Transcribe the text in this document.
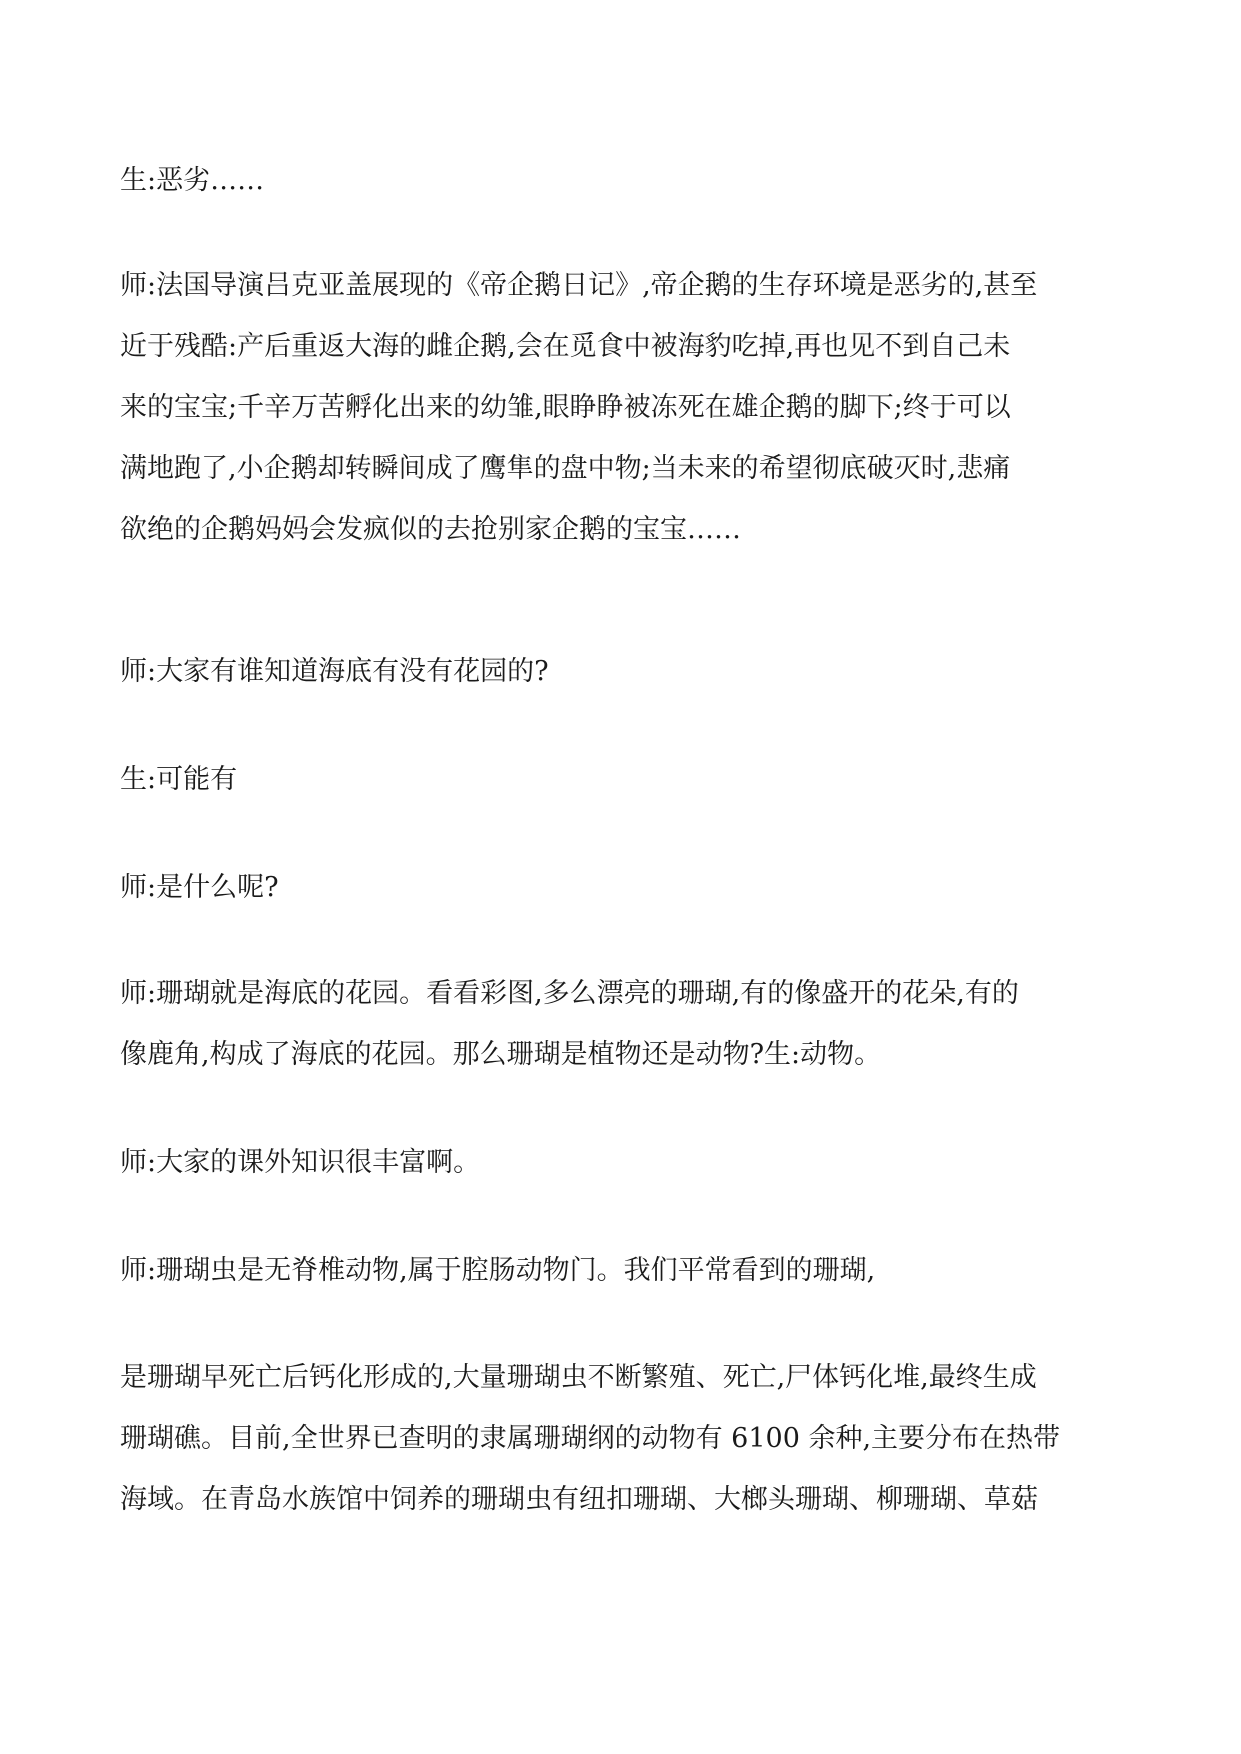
生:恶劣……
师:法国导演吕克亚盖展现的《帝企鹅日记》,帝企鹅的生存环境是恶劣的,甚至
近于残酷:产后重返大海的雌企鹅,会在觅食中被海豹吃掉,再也见不到自己未
来的宝宝;千辛万苦孵化出来的幼雏,眼睁睁被冻死在雄企鹅的脚下;终于可以
满地跑了,小企鹅却转瞬间成了鹰隼的盘中物;当未来的希望彻底破灭时,悲痛
欲绝的企鹅妈妈会发疯似的去抢别家企鹅的宝宝……
师:大家有谁知道海底有没有花园的?
生:可能有
师:是什么呢?
师:珊瑚就是海底的花园。看看彩图,多么漂亮的珊瑚,有的像盛开的花朵,有的
像鹿角,构成了海底的花园。那么珊瑚是植物还是动物?生:动物。
师:大家的课外知识很丰富啊。
师:珊瑚虫是无脊椎动物,属于腔肠动物门。我们平常看到的珊瑚,
是珊瑚早死亡后钙化形成的,大量珊瑚虫不断繁殖、死亡,尸体钙化堆,最终生成
珊瑚礁。目前,全世界已查明的隶属珊瑚纲的动物有 6100 余种,主要分布在热带
海域。在青岛水族馆中饲养的珊瑚虫有纽扣珊瑚、大榔头珊瑚、柳珊瑚、草菇
